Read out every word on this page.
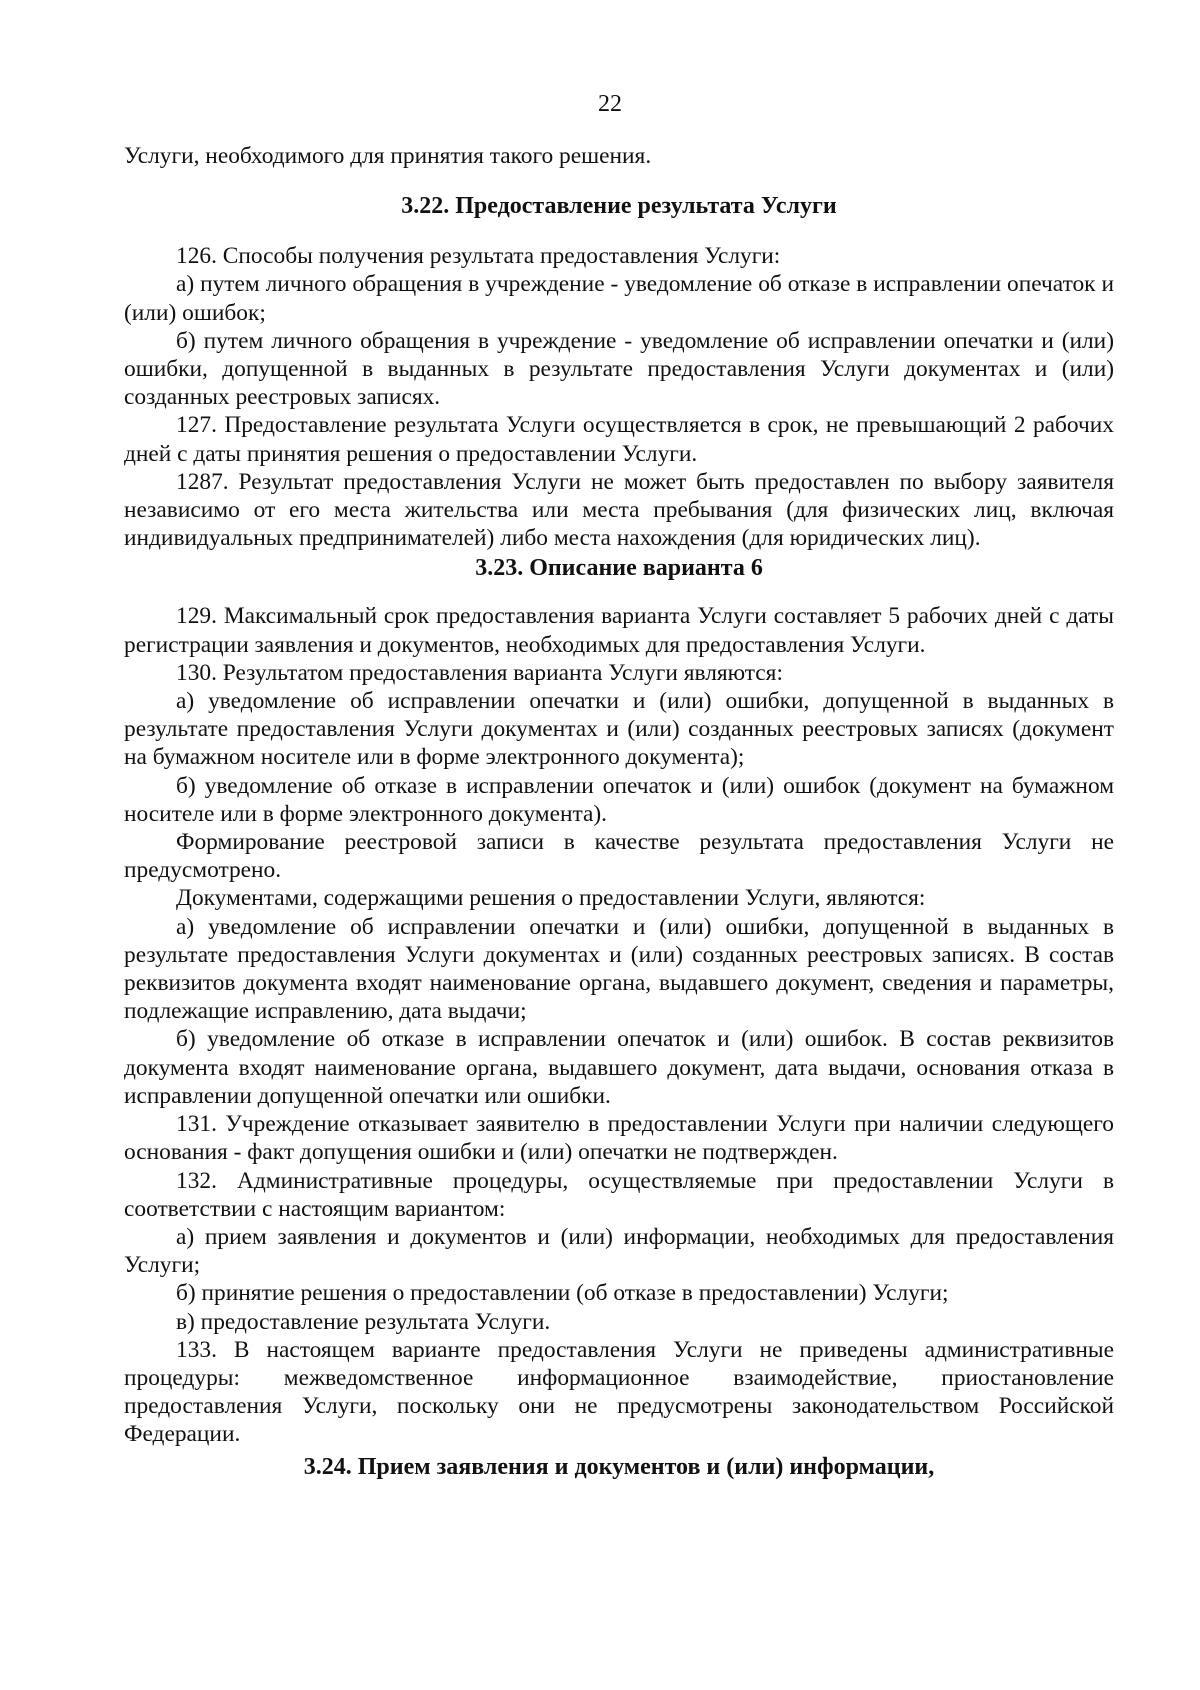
22

Услуги, необходимого для принятия такого решения.

3.22. Предоставление результата Услуги

126. Способы получения результата предоставления Услуги:

а) путем личного обращения в учреждение - уведомление об отказе в исправлении опечаток и (или) ошибок;

б) путем личного обращения в учреждение - уведомление об исправлении опечатки и (или) ошибки, допущенной в выданных в результате предоставления Услуги документах и (или) созданных реестровых записях.

127. Предоставление результата Услуги осуществляется в срок, не превышающий 2 рабочих дней с даты принятия решения о предоставлении Услуги.

1287. Результат предоставления Услуги не может быть предоставлен по выбору заявителя независимо от его места жительства или места пребывания (для физических лиц, включая индивидуальных предпринимателей) либо места нахождения (для юридических лиц).

3.23. Описание варианта 6

129. Максимальный срок предоставления варианта Услуги составляет 5 рабочих дней с даты регистрации заявления и документов, необходимых для предоставления Услуги.

130. Результатом предоставления варианта Услуги являются:

а) уведомление об исправлении опечатки и (или) ошибки, допущенной в выданных в результате предоставления Услуги документах и (или) созданных реестровых записях (документ на бумажном носителе или в форме электронного документа);

б) уведомление об отказе в исправлении опечаток и (или) ошибок (документ на бумажном носителе или в форме электронного документа).

Формирование реестровой записи в качестве результата предоставления Услуги не предусмотрено.

Документами, содержащими решения о предоставлении Услуги, являются:

а) уведомление об исправлении опечатки и (или) ошибки, допущенной в выданных в результате предоставления Услуги документах и (или) созданных реестровых записях. В состав реквизитов документа входят наименование органа, выдавшего документ, сведения и параметры, подлежащие исправлению, дата выдачи;

б) уведомление об отказе в исправлении опечаток и (или) ошибок. В состав реквизитов документа входят наименование органа, выдавшего документ, дата выдачи, основания отказа в исправлении допущенной опечатки или ошибки.

131. Учреждение отказывает заявителю в предоставлении Услуги при наличии следующего основания - факт допущения ошибки и (или) опечатки не подтвержден.

132. Административные процедуры, осуществляемые при предоставлении Услуги в соответствии с настоящим вариантом:

а) прием заявления и документов и (или) информации, необходимых для предоставления Услуги;

б) принятие решения о предоставлении (об отказе в предоставлении) Услуги;

в) предоставление результата Услуги.

133. В настоящем варианте предоставления Услуги не приведены административные процедуры: межведомственное информационное взаимодействие, приостановление предоставления Услуги, поскольку они не предусмотрены законодательством Российской Федерации.

3.24. Прием заявления и документов и (или) информации,
